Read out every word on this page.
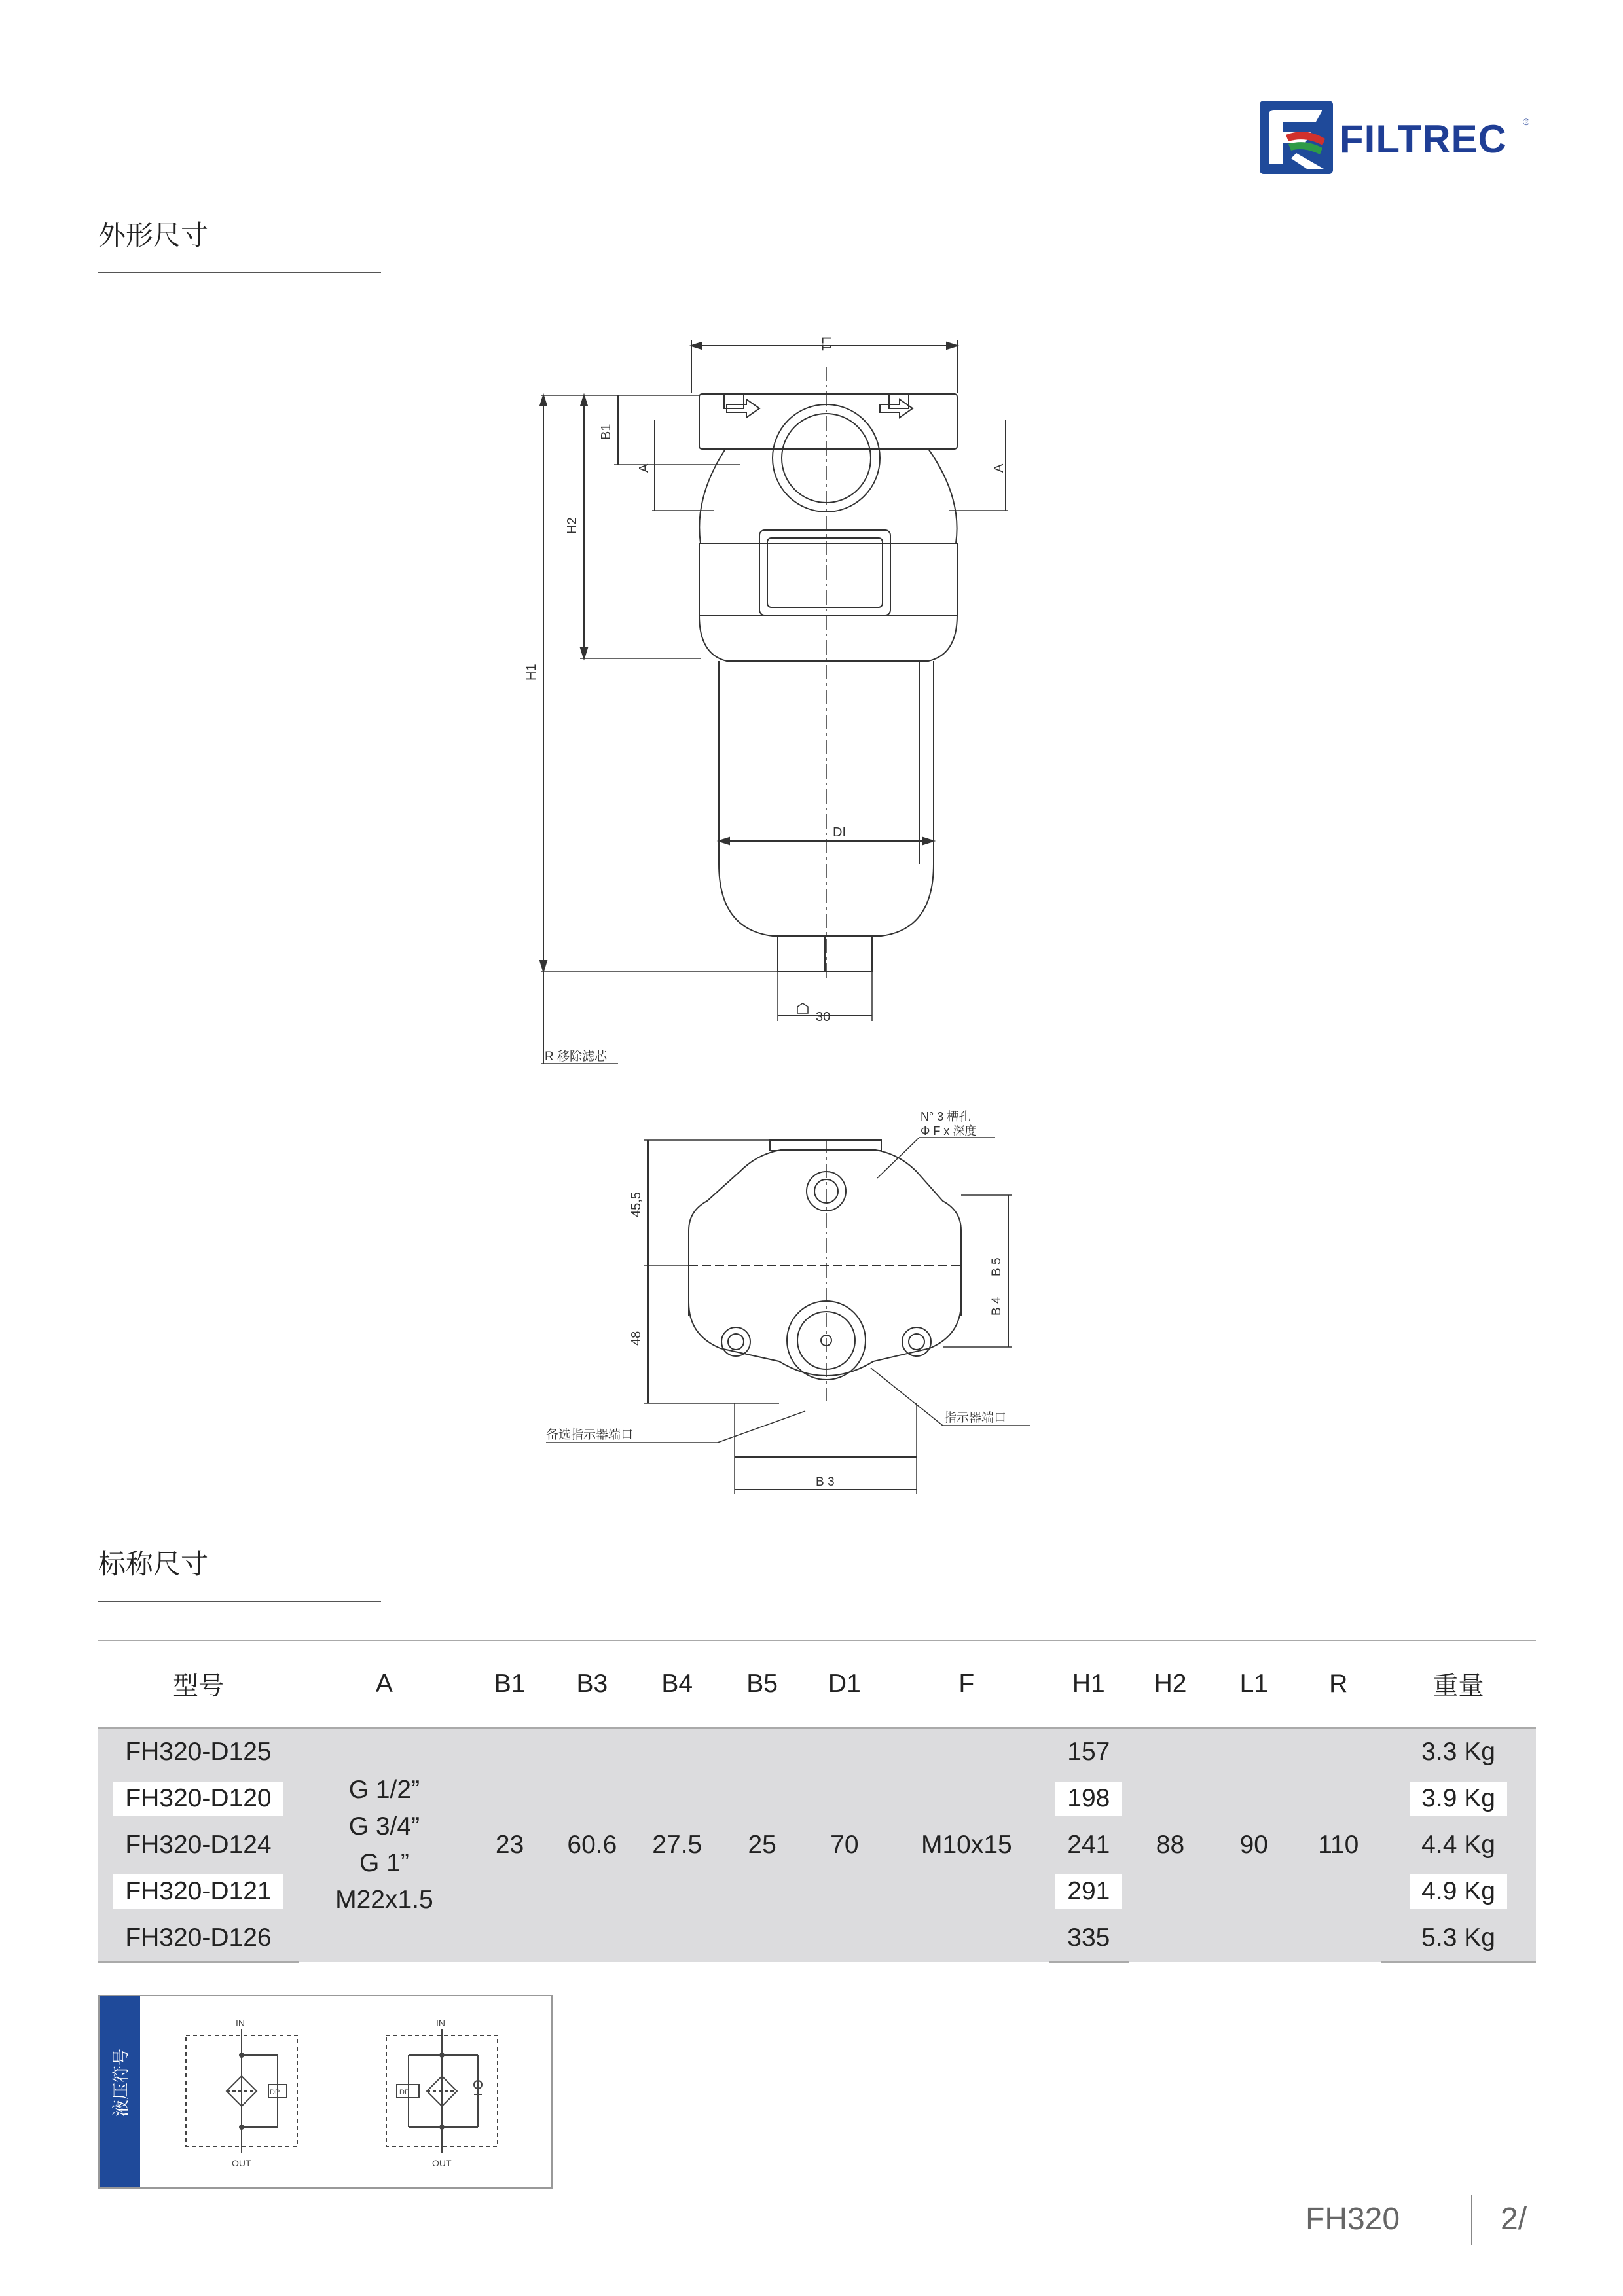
FILTREC ®
外形尺寸
L1
DI
H1
H2
B1
A	A
30
R 移除滤芯
45,5
48
B 5
B 4
N° 3 槽孔
Φ F x 深度
备选指示器端口
指示器端口
B 3
标称尺寸
型号	A	B1	B3	B4	B5	D1	F	H1	H2	L1	R	重量
FH320-D125	G 1/2”
G 3/4”
G 1”
M22x1.5	23	60.6	27.5	25	70	M10x15	157	88	90	110	3.3 Kg
FH320-D120								198				3.9 Kg
FH320-D124								241				4.4 Kg
FH320-D121								291				4.9 Kg
FH320-D126								335				5.3 Kg
液压符号
IN
OUT
DP
IN
OUT
DP
FH320	2/
